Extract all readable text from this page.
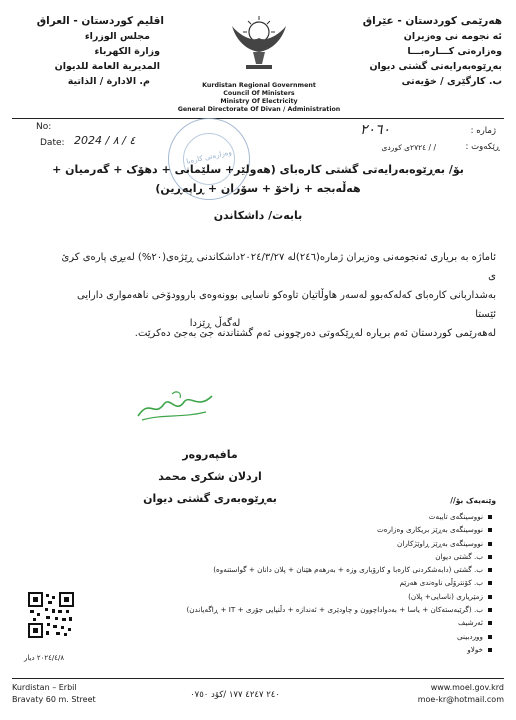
اقليم كوردستان - العراق
مجلس الوزراء
وزارة الكهرباء
المديرية العامة للديوان
م. الادارة / الذاتية
هەرێمی کوردستان - عێراق
ئه نجومه نی وەزیران
وەزارەتی کـــارەبـــا
بەڕێوەبەرایەتی گشتی دیوان
ب. کارگێری / خۆیەتی
Kurdistan Regional Government
Council Of Ministers
Ministry Of Electricity
General Directorate Of Divan / Administration
No:
Date: 2024 / ٤ / ٨
ژماره :
٢٠٦٠
ڕێکەوت :
/ / ٢٧٢٤ی کوردی
وەزارەتی کارەبا
بۆ/ بەڕێوەبەرایەتی گشتی کارەبای (هەولێر+ سلێمانی + دهۆک + گەرمیان +
هەڵەبجە + زاخۆ + سۆران + ڕاپەڕین)
بابەت/ داشکاندن
ئاماژە بە بریاری ئەنجومەنی وەزیران ژمارە(٢٤٦)لە ٢٠٢٤/٣/٢٧داشکاندنی ڕێژەی(٢٠%) لەبڕی پارەی کرێ ی
بەشداربانی کارەبای کەلەکەبوو لەسەر هاوڵاتیان تاوەکو ناسایی بوونەوەی باروودۆخی ناهەمواری دارایی ئێستا
لەهەرێمی کوردستان ئەم بریارە لەڕێکەوتی دەرچوونی ئەم گشتاندنە جێ بەجێ دەکرێت.
لەگەڵ ڕێزدا
مافپەروەر
اردلان شکری محمد
بەڕێوەبەری گشتی دیوان	وێنەیەک بۆ//
نووسینگەی تایبەت
نووسینگەی بەڕێز بریکاری وەزارەت
نووسینگەی بەڕێز ڕاوێژکاران
ب. گشتی دیوان
ب. گشتی (دابەشکردنی کارەبا و کارۆباری وزە + بەرهەم هێنان + پلان دانان + گواستنەوە)
ب. کۆنترۆڵی ناوەندی هەرێم
زمێریاری (ناسایی+ پلان)
ب. (گرێبەستەکان + یاسا + بەدواداچوون و چاودێری + ئەندازە + دڵنیایی جۆری + IT + ڕاگەیاندن)
ئەرشیف
ووردبینی
خولاو
٢٠٢٤/٤/٨ دیار
Kurdistan – Erbil
Bravaty 60 m. Street	٢٤٠ ٤٢٤٧ ١٧٧ /کۆد ٠٧٥٠
www.moel.gov.krd
moe-kr@hotmail.com
